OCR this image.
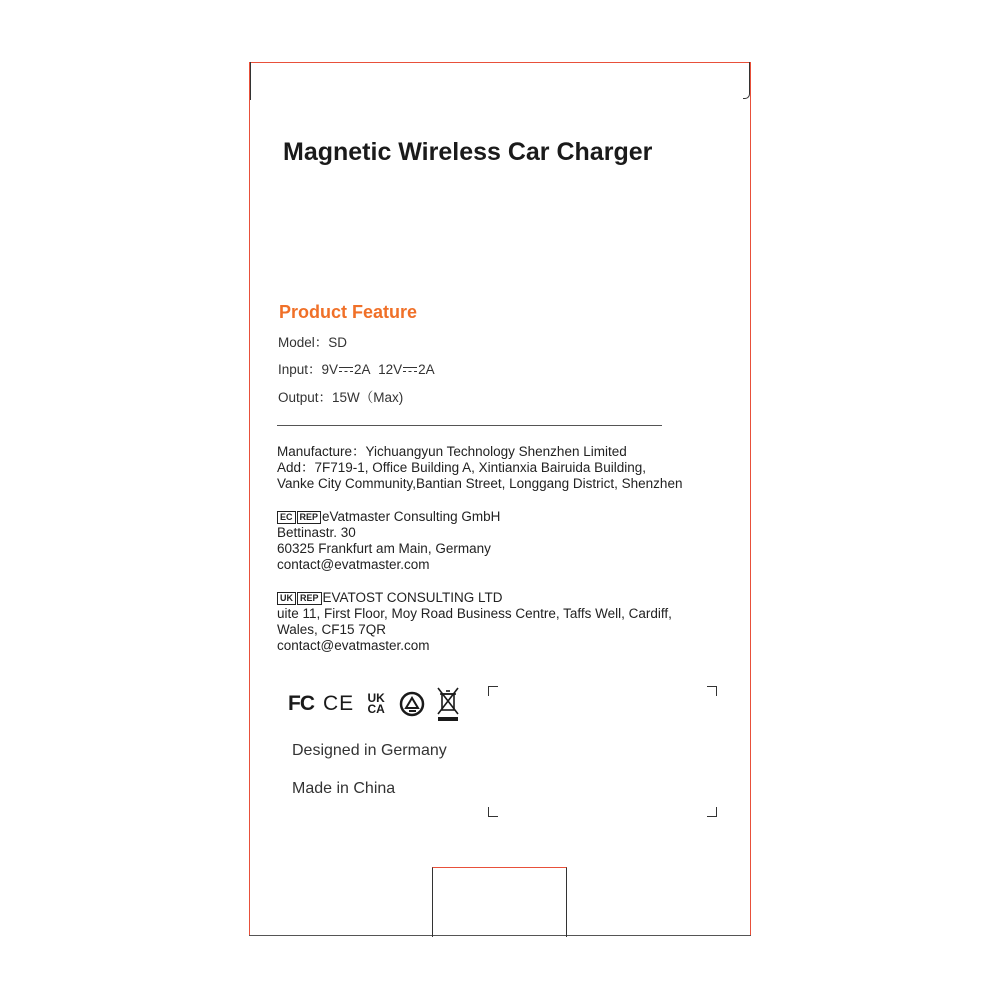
Magnetic Wireless Car Charger
Product Feature
Model：SD
Input：9V 2A 12V 2A
Output：15W（Max)
Manufacture：Yichuangyun Technology Shenzhen Limited
Add：7F719-1, Office Building A, Xintianxia Bairuida Building,
Vanke City Community,Bantian Street, Longgang District, Shenzhen
EC REP eVatmaster Consulting GmbH
Bettinastr. 30
60325 Frankfurt am Main, Germany
contact@evatmaster.com
UK REP EVATOST CONSULTING LTD
uite 11, First Floor, Moy Road Business Centre, Taffs Well, Cardiff,
Wales, CF15 7QR
contact@evatmaster.com
FC CE	UK
CA
Designed in Germany
Made in China
